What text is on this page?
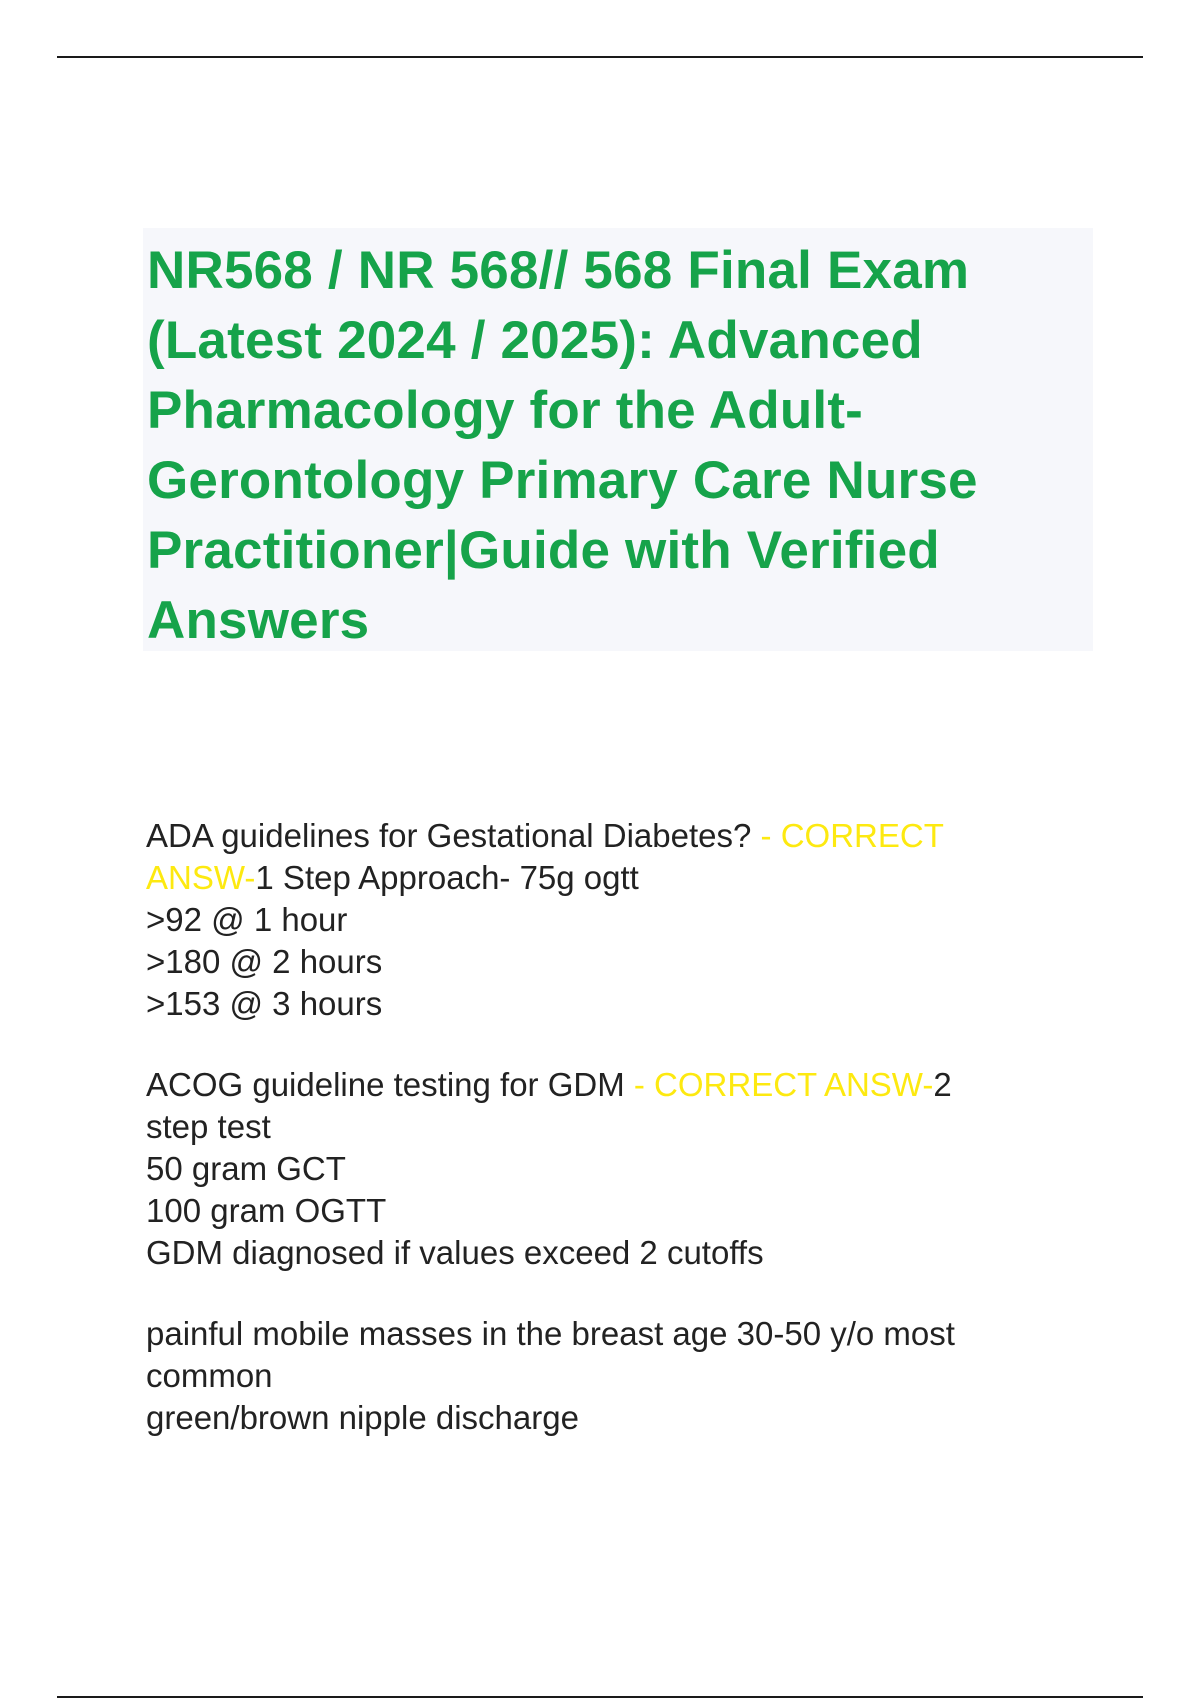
NR568 / NR 568// 568 Final Exam
(Latest 2024 / 2025): Advanced
Pharmacology for the Adult-
Gerontology Primary Care Nurse
Practitioner|Guide with Verified
Answers
ADA guidelines for Gestational Diabetes? - CORRECT
ANSW-1 Step Approach- 75g ogtt
>92 @ 1 hour
>180 @ 2 hours
>153 @ 3 hours
ACOG guideline testing for GDM - CORRECT ANSW-2
step test
50 gram GCT
100 gram OGTT
GDM diagnosed if values exceed 2 cutoffs
painful mobile masses in the breast age 30-50 y/o most
common
green/brown nipple discharge
